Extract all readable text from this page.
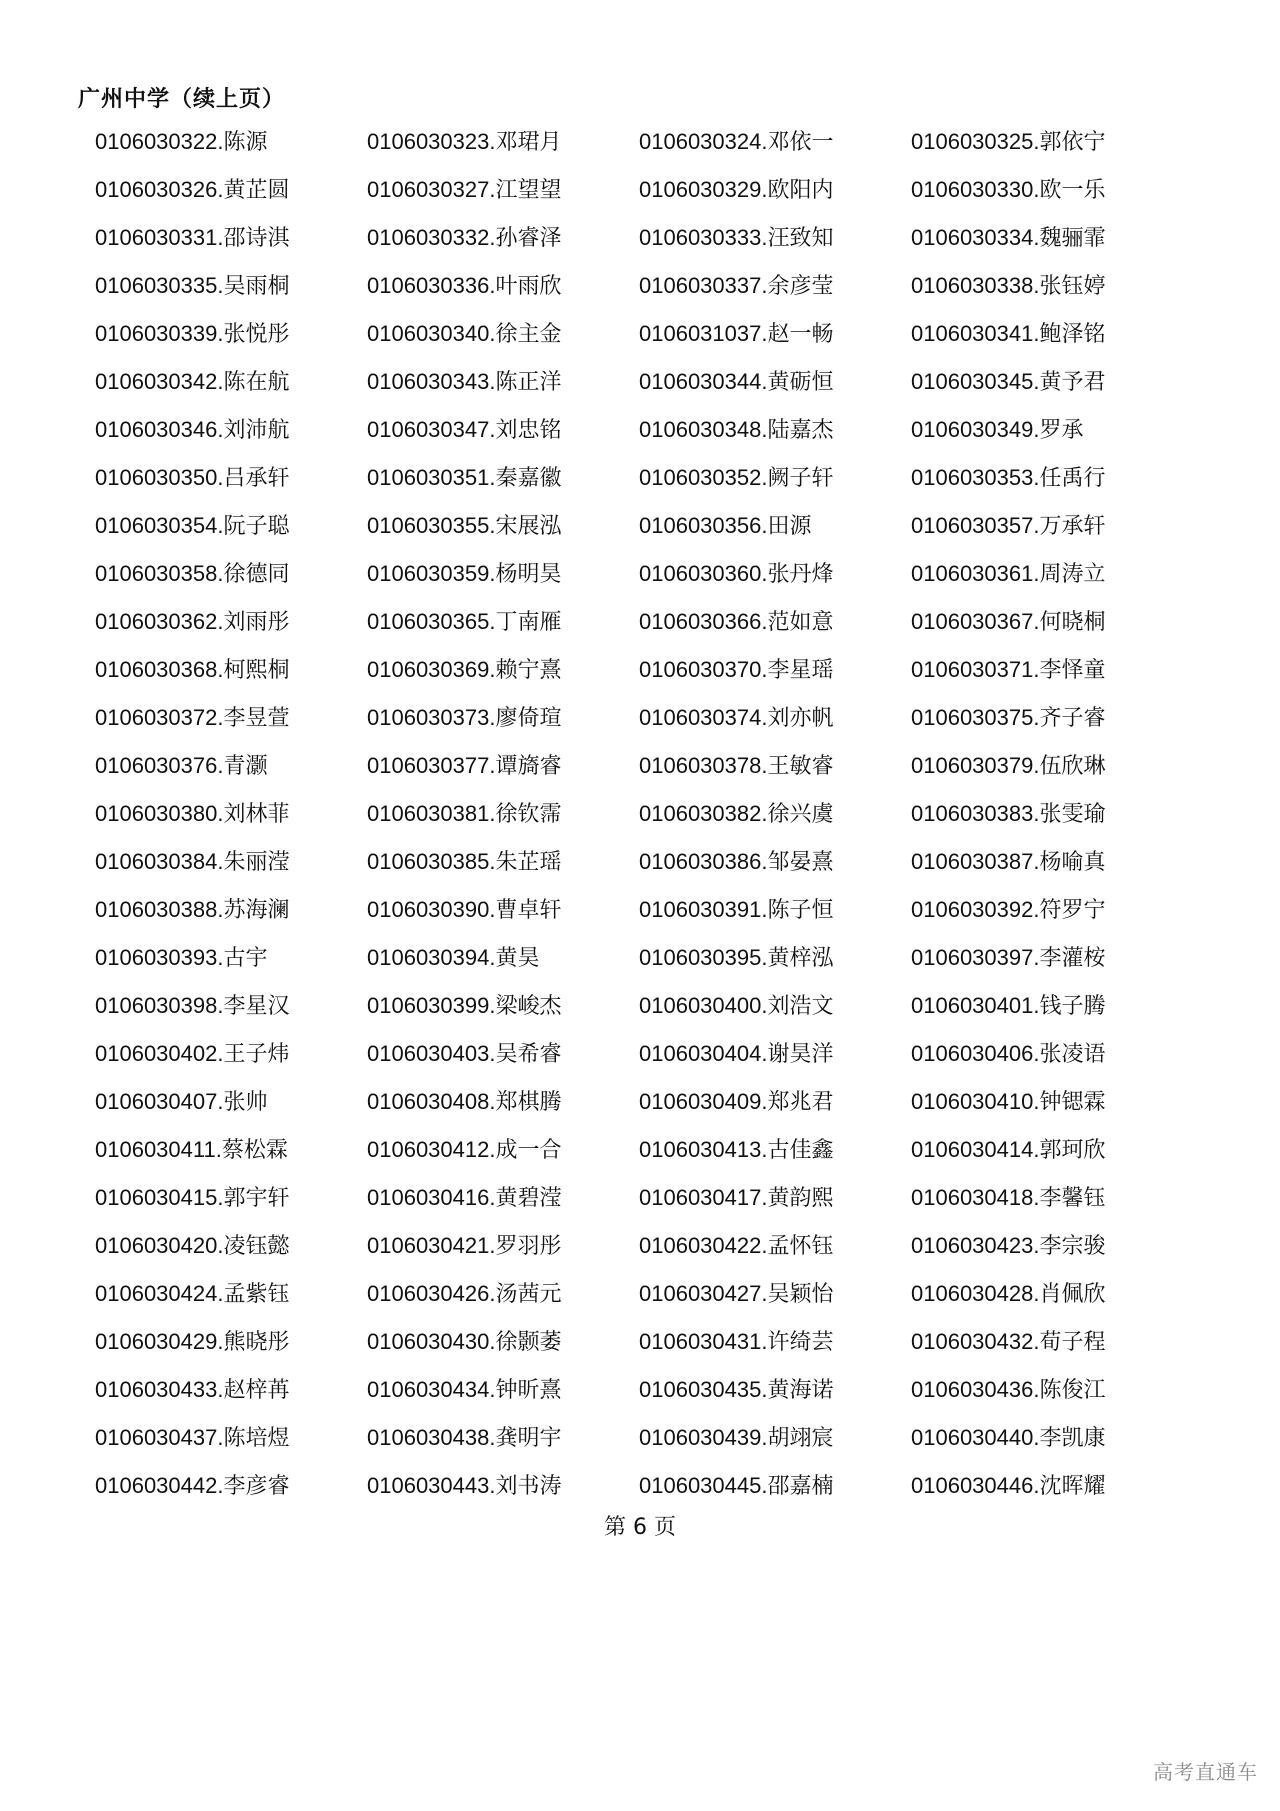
广州中学（续上页）
0106030322.陈源	0106030323.邓珺月	0106030324.邓依一	0106030325.郭依宁
0106030326.黄芷圆	0106030327.江望望	0106030329.欧阳内	0106030330.欧一乐
0106030331.邵诗淇	0106030332.孙睿泽	0106030333.汪致知	0106030334.魏骊霏
0106030335.吴雨桐	0106030336.叶雨欣	0106030337.余彦莹	0106030338.张钰婷
0106030339.张悦彤	0106030340.徐主金	0106031037.赵一畅	0106030341.鲍泽铭
0106030342.陈在航	0106030343.陈正洋	0106030344.黄砺恒	0106030345.黄予君
0106030346.刘沛航	0106030347.刘忠铭	0106030348.陆嘉杰	0106030349.罗承
0106030350.吕承轩	0106030351.秦嘉徽	0106030352.阙子轩	0106030353.任禹行
0106030354.阮子聪	0106030355.宋展泓	0106030356.田源	0106030357.万承轩
0106030358.徐德同	0106030359.杨明昊	0106030360.张丹烽	0106030361.周涛立
0106030362.刘雨彤	0106030365.丁南雁	0106030366.范如意	0106030367.何晓桐
0106030368.柯熙桐	0106030369.赖宁熹	0106030370.李星瑶	0106030371.李怿童
0106030372.李昱萱	0106030373.廖倚瑄	0106030374.刘亦帆	0106030375.齐子睿
0106030376.青灏	0106030377.谭旖睿	0106030378.王敏睿	0106030379.伍欣琳
0106030380.刘林菲	0106030381.徐钦霈	0106030382.徐兴虞	0106030383.张雯瑜
0106030384.朱丽滢	0106030385.朱芷瑶	0106030386.邹晏熹	0106030387.杨喻真
0106030388.苏海澜	0106030390.曹卓轩	0106030391.陈子恒	0106030392.符罗宁
0106030393.古宇	0106030394.黄昊	0106030395.黄梓泓	0106030397.李灌桉
0106030398.李星汉	0106030399.梁峻杰	0106030400.刘浩文	0106030401.钱子腾
0106030402.王子炜	0106030403.吴希睿	0106030404.谢昊洋	0106030406.张凌语
0106030407.张帅	0106030408.郑棋腾	0106030409.郑兆君	0106030410.钟锶霖
0106030411.蔡松霖	0106030412.成一合	0106030413.古佳鑫	0106030414.郭珂欣
0106030415.郭宇轩	0106030416.黄碧滢	0106030417.黄韵熙	0106030418.李馨钰
0106030420.凌钰懿	0106030421.罗羽彤	0106030422.孟怀钰	0106030423.李宗骏
0106030424.孟紫钰	0106030426.汤茜元	0106030427.吴颖怡	0106030428.肖佩欣
0106030429.熊晓彤	0106030430.徐颢萎	0106030431.许绮芸	0106030432.荀子程
0106030433.赵梓苒	0106030434.钟昕熹	0106030435.黄海诺	0106030436.陈俊江
0106030437.陈培煜	0106030438.龚明宇	0106030439.胡翊宸	0106030440.李凯康
0106030442.李彦睿	0106030443.刘书涛	0106030445.邵嘉楠	0106030446.沈晖耀
第 6 页
高考直通车
